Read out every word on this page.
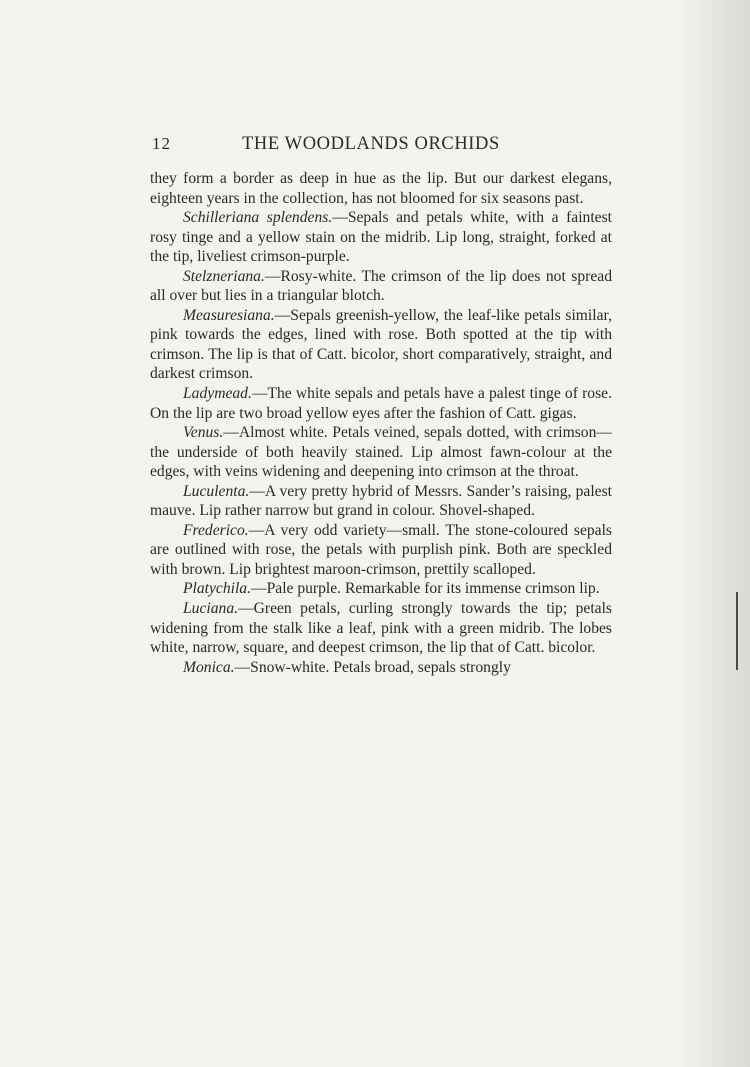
12	THE WOODLANDS ORCHIDS

they form a border as deep in hue as the lip. But our darkest elegans, eighteen years in the collection, has not bloomed for six seasons past.

Schilleriana splendens.—Sepals and petals white, with a faintest rosy tinge and a yellow stain on the midrib. Lip long, straight, forked at the tip, liveliest crimson-purple.

Stelzneriana.—Rosy-white. The crimson of the lip does not spread all over but lies in a triangular blotch.

Measuresiana.—Sepals greenish-yellow, the leaf-like petals similar, pink towards the edges, lined with rose. Both spotted at the tip with crimson. The lip is that of Catt. bicolor, short comparatively, straight, and darkest crimson.

Ladymead.—The white sepals and petals have a palest tinge of rose. On the lip are two broad yellow eyes after the fashion of Catt. gigas.

Venus.—Almost white. Petals veined, sepals dotted, with crimson—the underside of both heavily stained. Lip almost fawn-colour at the edges, with veins widening and deepening into crimson at the throat.

Luculenta.—A very pretty hybrid of Messrs. Sander’s raising, palest mauve. Lip rather narrow but grand in colour. Shovel-shaped.

Frederico.—A very odd variety—small. The stone-coloured sepals are outlined with rose, the petals with purplish pink. Both are speckled with brown. Lip brightest maroon-crimson, prettily scalloped.

Platychila.—Pale purple. Remarkable for its immense crimson lip.

Luciana.—Green petals, curling strongly towards the tip; petals widening from the stalk like a leaf, pink with a green midrib. The lobes white, narrow, square, and deepest crimson, the lip that of Catt. bicolor.

Monica.—Snow-white. Petals broad, sepals strongly
